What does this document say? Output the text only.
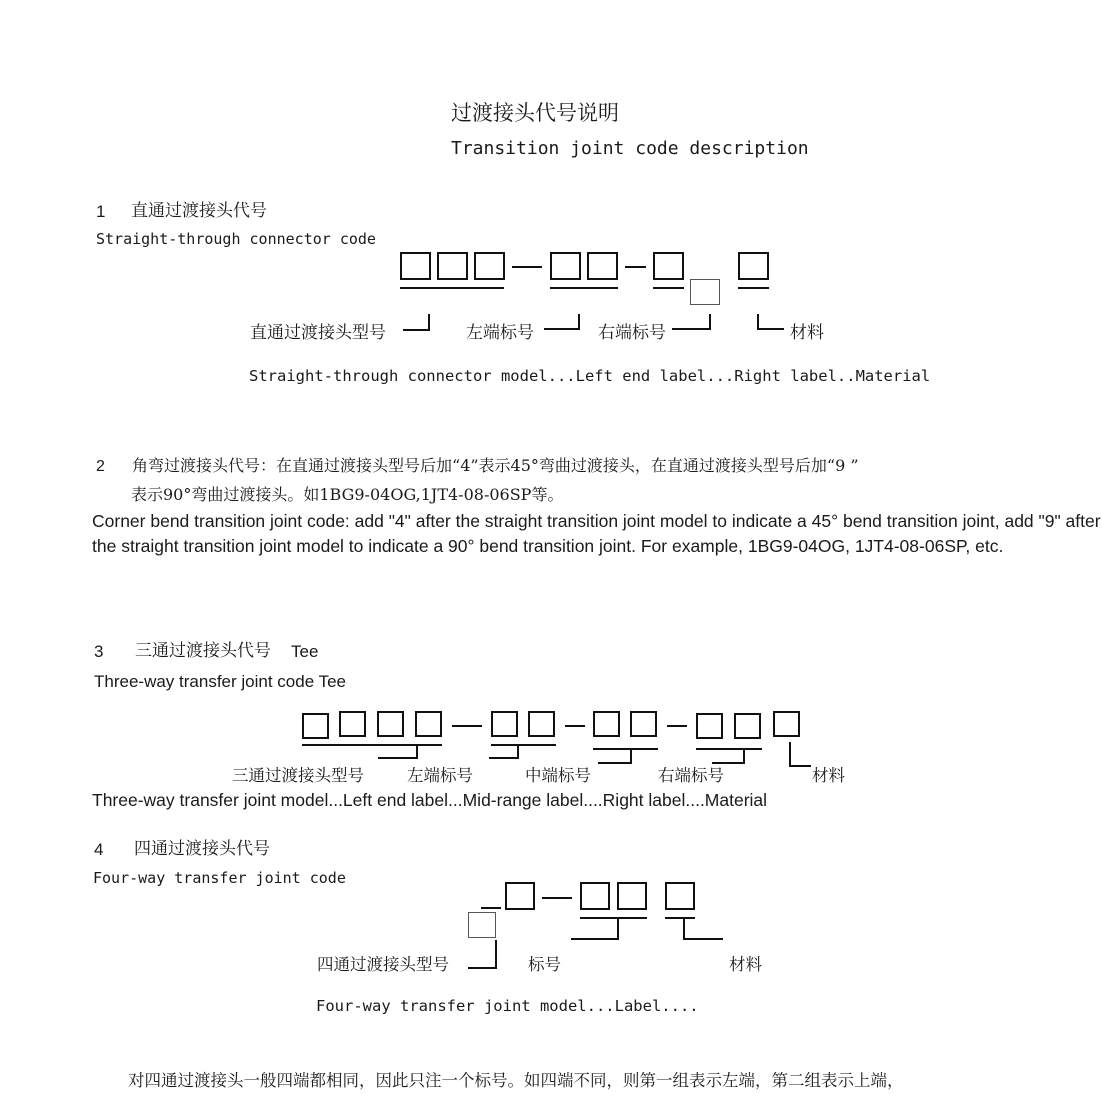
过渡接头代号说明
Transition joint code description
1 直通过渡接头代号
Straight-through connector code
直通过渡接头型号	左端标号	右端标号	材料
Straight-through connector model...Left end label...Right label..Material
2 角弯过渡接头代号：在直通过渡接头型号后加“4”表示45°弯曲过渡接头，在直通过渡接头型号后加“9 ”
表示90°弯曲过渡接头。如1BG9-04OG,1JT4-08-06SP等。
Corner bend transition joint code: add "4" after the straight transition joint model to indicate a 45° bend transition joint, add "9" after the straight transition joint model to indicate a 90° bend transition joint. For example, 1BG9-04OG, 1JT4-08-06SP, etc.
3 三通过渡接头代号 Tee
Three-way transfer joint code Tee
三通过渡接头型号	左端标号	中端标号	右端标号	材料
Three-way transfer joint model...Left end label...Mid-range label....Right label....Material
4 四通过渡接头代号
Four-way transfer joint code
四通过渡接头型号	标号	材料
Four-way transfer joint model...Label....
对四通过渡接头一般四端都相同，因此只注一个标号。如四端不同，则第一组表示左端，第二组表示上端，
